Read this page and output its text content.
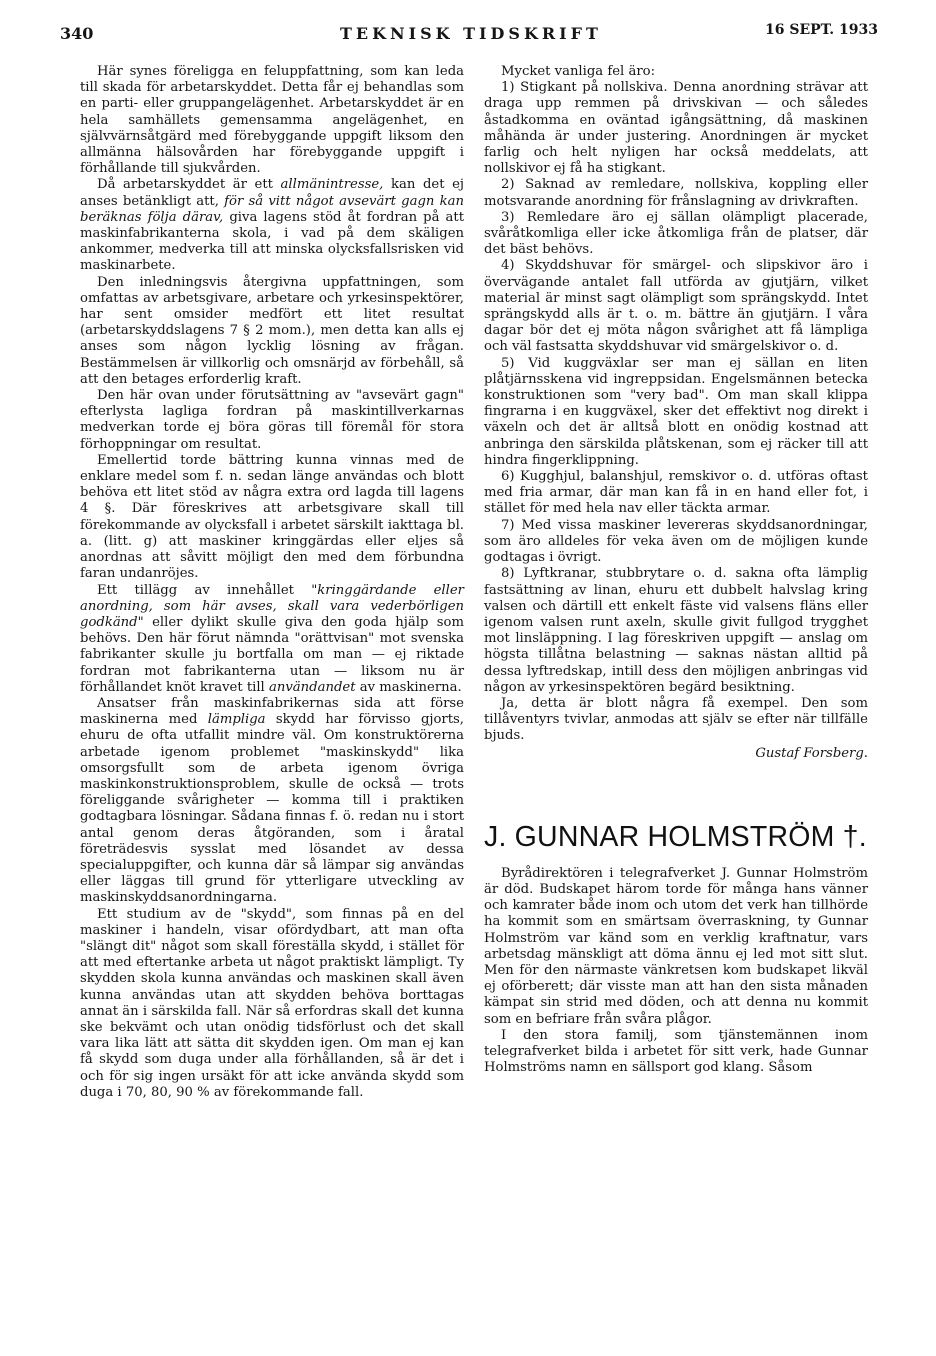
340	TEKNISK TIDSKRIFT	16 SEPT. 1933

Här synes föreligga en feluppfattning, som kan leda till skada för arbetarskyddet. Detta får ej behandlas som en parti- eller gruppangelägenhet. Arbetarskyddet är en hela samhällets gemensamma angelägenhet, en självvärnsåtgärd med förebyggande uppgift liksom den allmänna hälsovården har förebyggande uppgift i förhållande till sjukvården.

Då arbetarskyddet är ett allmänintresse, kan det ej anses betänkligt att, för så vitt något avsevärt gagn kan beräknas följa därav, giva lagens stöd åt fordran på att maskinfabrikanterna skola, i vad på dem skäligen ankommer, medverka till att minska olycksfallsrisken vid maskinarbete.

Den inledningsvis återgivna uppfattningen, som omfattas av arbetsgivare, arbetare och yrkesinspektörer, har sent omsider medfört ett litet resultat (arbetarskyddslagens 7 § 2 mom.), men detta kan alls ej anses som någon lycklig lösning av frågan. Bestämmelsen är villkorlig och omsnärjd av förbehåll, så att den betages erforderlig kraft.

Den här ovan under förutsättning av "avsevärt gagn" efterlysta lagliga fordran på maskintillverkarnas medverkan torde ej böra göras till föremål för stora förhoppningar om resultat.

Emellertid torde bättring kunna vinnas med de enklare medel som f. n. sedan länge användas och blott behöva ett litet stöd av några extra ord lagda till lagens 4 §. Där föreskrives att arbetsgivare skall till förekommande av olycksfall i arbetet särskilt iakttaga bl. a. (litt. g) att maskiner kringgärdas eller eljes så anordnas att såvitt möjligt den med dem förbundna faran undanröjes.

Ett tillägg av innehållet "kringgärdande eller anordning, som här avses, skall vara vederbörligen godkänd" eller dylikt skulle giva den goda hjälp som behövs. Den här förut nämnda "orättvisan" mot svenska fabrikanter skulle ju bortfalla om man — ej riktade fordran mot fabrikanterna utan — liksom nu är förhållandet knöt kravet till användandet av maskinerna.

Ansatser från maskinfabrikernas sida att förse maskinerna med lämpliga skydd har förvisso gjorts, ehuru de ofta utfallit mindre väl. Om konstruktörerna arbetade igenom problemet "maskinskydd" lika omsorgsfullt som de arbeta igenom övriga maskinkonstruktionsproblem, skulle de också — trots föreliggande svårigheter — komma till i praktiken godtagbara lösningar. Sådana finnas f. ö. redan nu i stort antal genom deras åtgöranden, som i åratal företrädesvis sysslat med lösandet av dessa specialuppgifter, och kunna där så lämpar sig användas eller läggas till grund för ytterligare utveckling av maskinskyddsanordningarna.

Ett studium av de "skydd", som finnas på en del maskiner i handeln, visar ofördydbart, att man ofta "slängt dit" något som skall föreställa skydd, i stället för att med eftertanke arbeta ut något praktiskt lämpligt. Ty skydden skola kunna användas och maskinen skall även kunna användas utan att skydden behöva borttagas annat än i särskilda fall. När så erfordras skall det kunna ske bekvämt och utan onödig tidsförlust och det skall vara lika lätt att sätta dit skydden igen. Om man ej kan få skydd som duga under alla förhållanden, så är det i och för sig ingen ursäkt för att icke använda skydd som duga i 70, 80, 90 % av förekommande fall.

Mycket vanliga fel äro:

1) Stigkant på nollskiva. Denna anordning strävar att draga upp remmen på drivskivan — och således åstadkomma en oväntad igångsättning, då maskinen måhända är under justering. Anordningen är mycket farlig och helt nyligen har också meddelats, att nollskivor ej få ha stigkant.

2) Saknad av remledare, nollskiva, koppling eller motsvarande anordning för frånslagning av drivkraften.

3) Remledare äro ej sällan olämpligt placerade, svåråtkomliga eller icke åtkomliga från de platser, där det bäst behövs.

4) Skyddshuvar för smärgel- och slipskivor äro i övervägande antalet fall utförda av gjutjärn, vilket material är minst sagt olämpligt som sprängskydd. Intet sprängskydd alls är t. o. m. bättre än gjutjärn. I våra dagar bör det ej möta någon svårighet att få lämpliga och väl fastsatta skyddshuvar vid smärgelskivor o. d.

5) Vid kuggväxlar ser man ej sällan en liten plåtjärnsskena vid ingreppsidan. Engelsmännen betecka konstruktionen som "very bad". Om man skall klippa fingrarna i en kuggväxel, sker det effektivt nog direkt i växeln och det är alltså blott en onödig kostnad att anbringa den särskilda plåtskenan, som ej räcker till att hindra fingerklippning.

6) Kugghjul, balanshjul, remskivor o. d. utföras oftast med fria armar, där man kan få in en hand eller fot, i stället för med hela nav eller täckta armar.

7) Med vissa maskiner levereras skyddsanordningar, som äro alldeles för veka även om de möjligen kunde godtagas i övrigt.

8) Lyftkranar, stubbrytare o. d. sakna ofta lämplig fastsättning av linan, ehuru ett dubbelt halvslag kring valsen och därtill ett enkelt fäste vid valsens fläns eller igenom valsen runt axeln, skulle givit fullgod trygghet mot linsläppning. I lag föreskriven uppgift — anslag om högsta tillåtna belastning — saknas nästan alltid på dessa lyftredskap, intill dess den möjligen anbringas vid någon av yrkesinspektören begärd besiktning.

Ja, detta är blott några få exempel. Den som tillåventyrs tvivlar, anmodas att själv se efter när tillfälle bjuds.

Gustaf Forsberg.

J. GUNNAR HOLMSTRÖM †.

Byrådirektören i telegrafverket J. Gunnar Holmström är död. Budskapet härom torde för många hans vänner och kamrater både inom och utom det verk han tillhörde ha kommit som en smärtsam överraskning, ty Gunnar Holmström var känd som en verklig kraftnatur, vars arbetsdag mänskligt att döma ännu ej led mot sitt slut. Men för den närmaste vänkretsen kom budskapet likväl ej oförberett; där visste man att han den sista månaden kämpat sin strid med döden, och att denna nu kommit som en befriare från svåra plågor.

I den stora familj, som tjänstemännen inom telegrafverket bilda i arbetet för sitt verk, hade Gunnar Holmströms namn en sällsport god klang. Såsom
